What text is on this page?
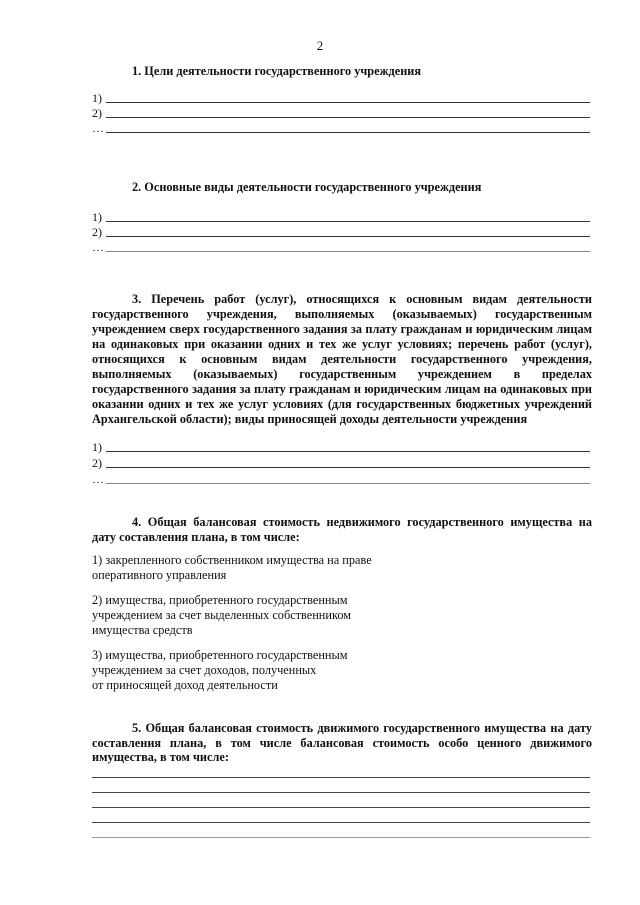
2
1. Цели деятельности государственного учреждения
1)
2)
…
2. Основные виды деятельности государственного учреждения
1)
2)
…
3. Перечень работ (услуг), относящихся к основным видам деятельности государственного учреждения, выполняемых (оказываемых) государственным учреждением сверх государственного задания за плату гражданам и юридическим лицам на одинаковых при оказании одних и тех же услуг условиях; перечень работ (услуг), относящихся к основным видам деятельности государственного учреждения, выполняемых (оказываемых) государственным учреждением в пределах государственного задания за плату гражданам и юридическим лицам на одинаковых при оказании одних и тех же услуг условиях (для государственных бюджетных учреждений Архангельской области); виды приносящей доходы деятельности учреждения
1)
2)
…
4. Общая балансовая стоимость недвижимого государственного имущества на дату составления плана, в том числе:
1) закрепленного собственником имущества на праве
оперативного управления
2) имущества, приобретенного государственным
учреждением за счет выделенных собственником
имущества средств
3) имущества, приобретенного государственным
учреждением за счет доходов, полученных
от приносящей доход деятельности
5. Общая балансовая стоимость движимого государственного имущества на дату составления плана, в том числе балансовая стоимость особо ценного движимого имущества, в том числе:
